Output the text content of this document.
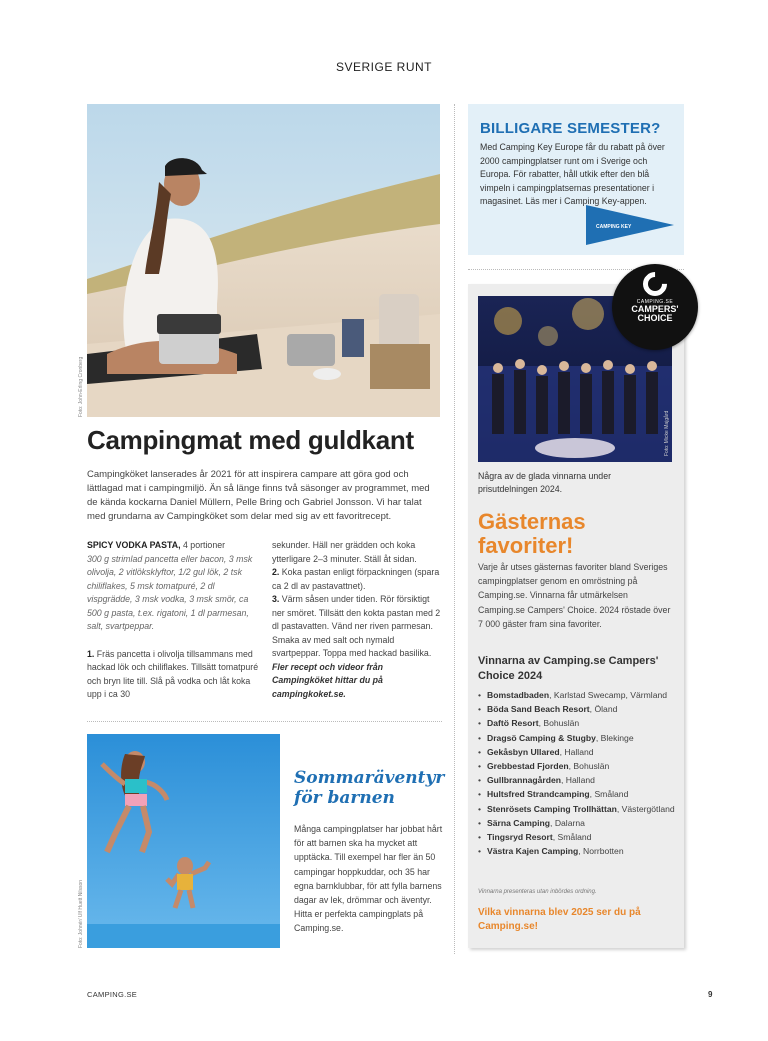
SVERIGE RUNT
Foto: John-Erling Cronberg
Campingmat med guldkant

Campingköket lanserades år 2021 för att inspirera campare att göra god och lättlagad mat i campingmiljö. Än så länge finns två säsonger av programmet, med de kända kockarna Daniel Müllern, Pelle Bring och Gabriel Jonsson. Vi har talat med grundarna av Campingköket som delar med sig av ett favoritrecept.

SPICY VODKA PASTA, 4 portioner

300 g strimlad pancetta eller bacon, 3 msk olivolja, 2 vitlöksklyftor, 1/2 gul lök, 2 tsk chiliflakes, 5 msk tomatpuré, 2 dl vispgrädde, 3 msk vodka, 3 msk smör, ca 500 g pasta, t.ex. rigatoni, 1 dl parmesan, salt, svartpeppar.

1. Fräs pancetta i olivolja tillsammans med hackad lök och chiliflakes. Tillsätt tomatpuré och bryn lite till. Slå på vodka och låt koka upp i ca 30

sekunder. Häll ner grädden och koka ytterligare 2–3 minuter. Ställ åt sidan.

2. Koka pastan enligt förpackningen (spara ca 2 dl av pastavattnet).

3. Värm såsen under tiden. Rör försiktigt ner smöret. Tillsätt den kokta pastan med 2 dl pastavatten. Vänd ner riven parmesan. Smaka av med salt och nymald svartpeppar. Toppa med hackad basilika.

Fler recept och videor från Campingköket hittar du på campingkoket.se.

BILLIGARE SEMESTER?

Med Camping Key Europe får du rabatt på över 2000 campingplatser runt om i Sverige och Europa. För rabatter, håll utkik efter den blå vimpeln i campingplatsernas presentationer i magasinet. Läs mer i Camping Key-appen.

CAMPING KEY
Foto: Micke Majgård
CAMPING.SE
CAMPERS'
CHOICE

Några av de glada vinnarna under prisutdelningen 2024.

Gästernas
favoriter!

Varje år utses gästernas favoriter bland Sveriges campingplatser genom en omröstning på Camping.se. Vinnarna får utmärkelsen Camping.se Campers' Choice. 2024 röstade över 7 000 gäster fram sina favoriter.

Vinnarna av Camping.se Campers' Choice 2024
• Bomstadbaden, Karlstad Swecamp, Värmland
• Böda Sand Beach Resort, Öland
• Daftö Resort, Bohuslän
• Dragsö Camping & Stugby, Blekinge
• Gekåsbyn Ullared, Halland
• Grebbestad Fjorden, Bohuslän
• Gullbrannagården, Halland
• Hultsfred Strandcamping, Småland
• Stenrösets Camping Trollhättan, Västergötland
• Särna Camping, Dalarna
• Tingsryd Resort, Småland
• Västra Kajen Camping, Norrbotten

Vinnarna presenteras utan inbördes ordning.

Vilka vinnarna blev 2025 ser du på Camping.se!

Foto: Johnér/ Ulf Huett Nilsson
Sommaräventyr
för barnen

Många campingplatser har jobbat hårt för att barnen ska ha mycket att upptäcka. Till exempel har fler än 50 campingar hoppkuddar, och 35 har egna barnklubbar, för att fylla barnens dagar av lek, drömmar och äventyr. Hitta er perfekta campingplats på Camping.se.

CAMPING.SE	9
